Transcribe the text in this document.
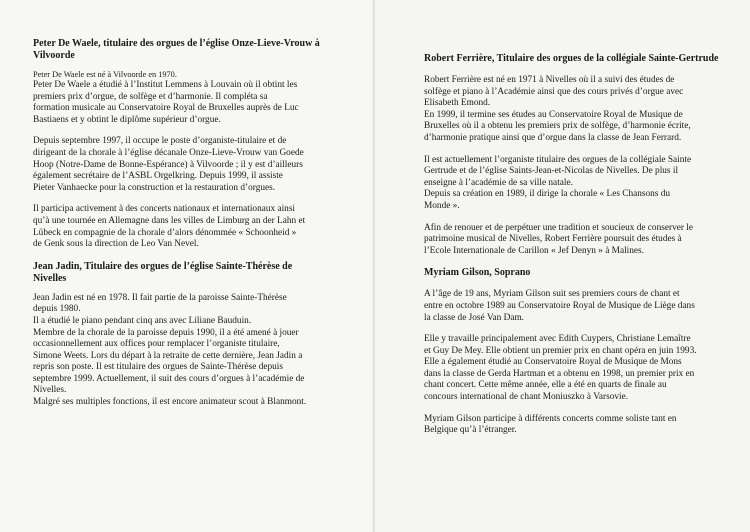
Peter De Waele, titulaire des orgues de l’église Onze-Lieve-Vrouw à
Vilvoorde

Peter De Waele est né à Vilvoorde en 1970.

Peter De Waele a étudié à l’Institut Lemmens à Louvain où il obtint les
premiers prix d’orgue, de solfège et d’harmonie. Il compléta sa
formation musicale au Conservatoire Royal de Bruxelles auprès de Luc
Bastiaens et y obtint le diplôme supérieur d’orgue.

Depuis septembre 1997, il occupe le poste d’organiste-titulaire et de
dirigeant de la chorale à l’église décanale Onze-Lieve-Vrouw van Goede
Hoop (Notre-Dame de Bonne-Espérance) à Vilvoorde ; il y est d’ailleurs
également secrétaire de l’ASBL Orgelkring. Depuis 1999, il assiste
Pieter Vanhaecke pour la construction et la restauration d’orgues.

Il participa activement à des concerts nationaux et internationaux ainsi
qu’à une tournée en Allemagne dans les villes de Limburg an der Lahn et
Lübeck en compagnie de la chorale d’alors dénommée « Schoonheid »
de Genk sous la direction de Leo Van Nevel.

Jean Jadin, Titulaire des orgues de l’église Sainte-Thérèse de
Nivelles

Jean Jadin est né en 1978. Il fait partie de la paroisse Sainte-Thérèse
depuis 1980.
Il a étudié le piano pendant cinq ans avec Liliane Bauduin.
Membre de la chorale de la paroisse depuis 1990, il a été amené à jouer
occasionnellement aux offices pour remplacer l’organiste titulaire,
Simone Weets. Lors du départ à la retraite de cette dernière, Jean Jadin a
repris son poste. Il est titulaire des orgues de Sainte-Thérèse depuis
septembre 1999. Actuellement, il suit des cours d’orgues à l’académie de
Nivelles.
Malgré ses multiples fonctions, il est encore animateur scout à Blanmont.

Robert Ferrière, Titulaire des orgues de la collégiale Sainte-Gertrude

Robert Ferrière est né en 1971 à Nivelles où il a suivi des études de
solfège et piano à l’Académie ainsi que des cours privés d’orgue avec
Elisabeth Emond.
En 1999, il termine ses études au Conservatoire Royal de Musique de
Bruxelles où il a obtenu les premiers prix de solfège, d’harmonie écrite,
d’harmonie pratique ainsi que d’orgue dans la classe de Jean Ferrard.

Il est actuellement l’organiste titulaire des orgues de la collégiale Sainte
Gertrude et de l’église Saints-Jean-et-Nicolas de Nivelles. De plus il
enseigne à l’académie de sa ville natale.
Depuis sa création en 1989, il dirige la chorale « Les Chansons du
Monde ».

Afin de renouer et de perpétuer une tradition et soucieux de conserver le
patrimoine musical de Nivelles, Robert Ferrière poursuit des études à
l’Ecole Internationale de Carillon « Jef Denyn » à Malines.

Myriam Gilson, Soprano

A l’âge de 19 ans, Myriam Gilson suit ses premiers cours de chant et
entre en octobre 1989 au Conservatoire Royal de Musique de Liège dans
la classe de José Van Dam.

Elle y travaille principalement avec Edith Cuypers, Christiane Lemaître
et Guy De Mey. Elle obtient un premier prix en chant opéra en juin 1993.
Elle a également étudié au Conservatoire Royal de Musique de Mons
dans la classe de Gerda Hartman et a obtenu en 1998, un premier prix en
chant concert. Cette même année, elle a été en quarts de finale au
concours international de chant Moniuszko à Varsovie.

Myriam Gilson participe à différents concerts comme soliste tant en
Belgique qu’à l’étranger.
